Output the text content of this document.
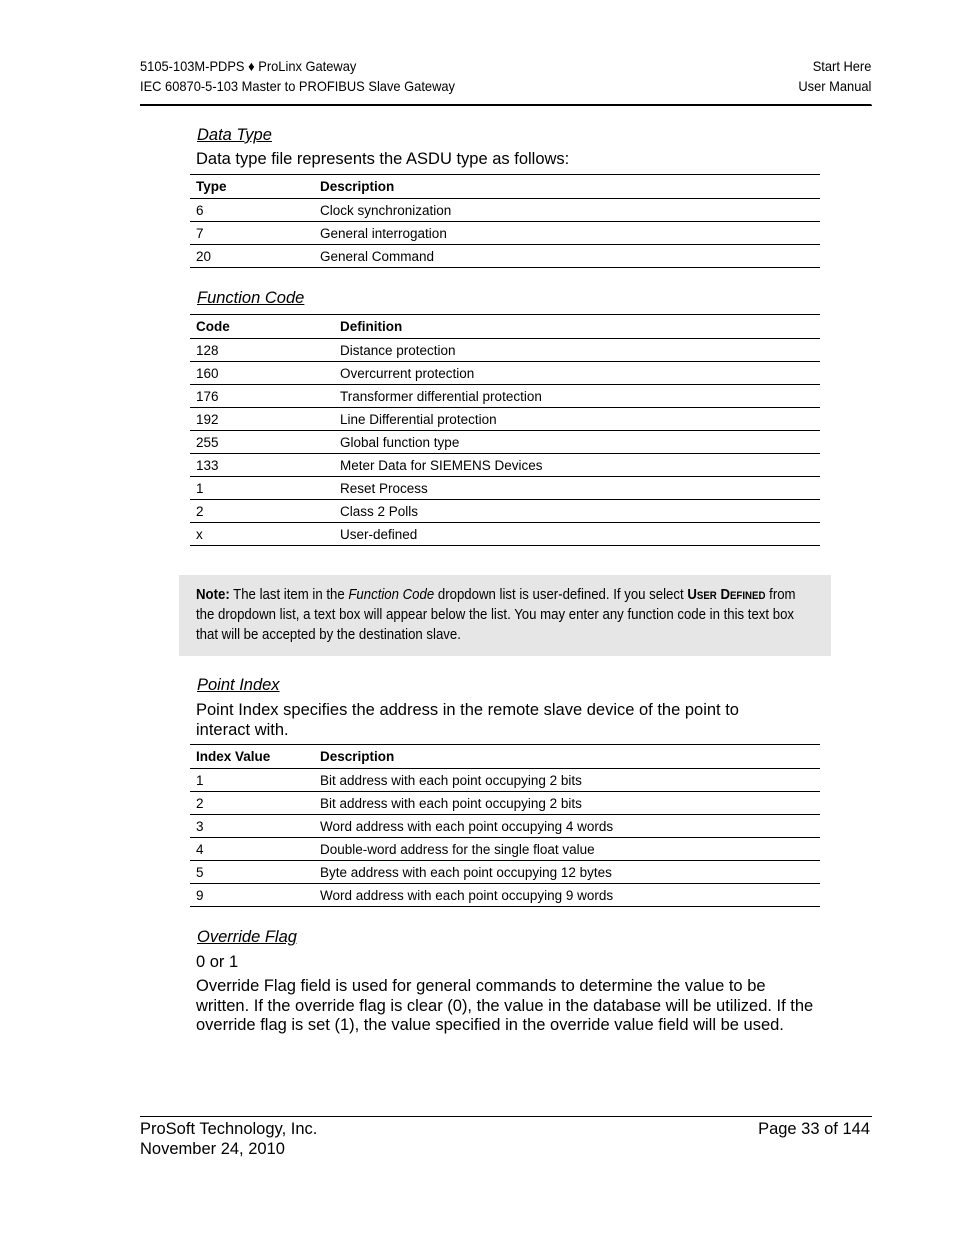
5105-103M-PDPS ♦ ProLinx Gateway
IEC 60870-5-103 Master to PROFIBUS Slave Gateway
Start Here
User Manual
Data Type
Data type file represents the ASDU type as follows:
Type	Description
6	Clock synchronization
7	General interrogation
20	General Command
Function Code
Code	Definition
128	Distance protection
160	Overcurrent protection
176	Transformer differential protection
192	Line Differential protection
255	Global function type
133	Meter Data for SIEMENS Devices
1	Reset Process
2	Class 2 Polls
x	User-defined
Note: The last item in the Function Code dropdown list is user-defined. If you select User Defined from the dropdown list, a text box will appear below the list. You may enter any function code in this text box that will be accepted by the destination slave.
Point Index
Point Index specifies the address in the remote slave device of the point to interact with.
Index Value	Description
1	Bit address with each point occupying 2 bits
2	Bit address with each point occupying 2 bits
3	Word address with each point occupying 4 words
4	Double-word address for the single float value
5	Byte address with each point occupying 12 bytes
9	Word address with each point occupying 9 words
Override Flag
0 or 1
Override Flag field is used for general commands to determine the value to be written. If the override flag is clear (0), the value in the database will be utilized. If the override flag is set (1), the value specified in the override value field will be used.
ProSoft Technology, Inc.
November 24, 2010
Page 33 of 144
